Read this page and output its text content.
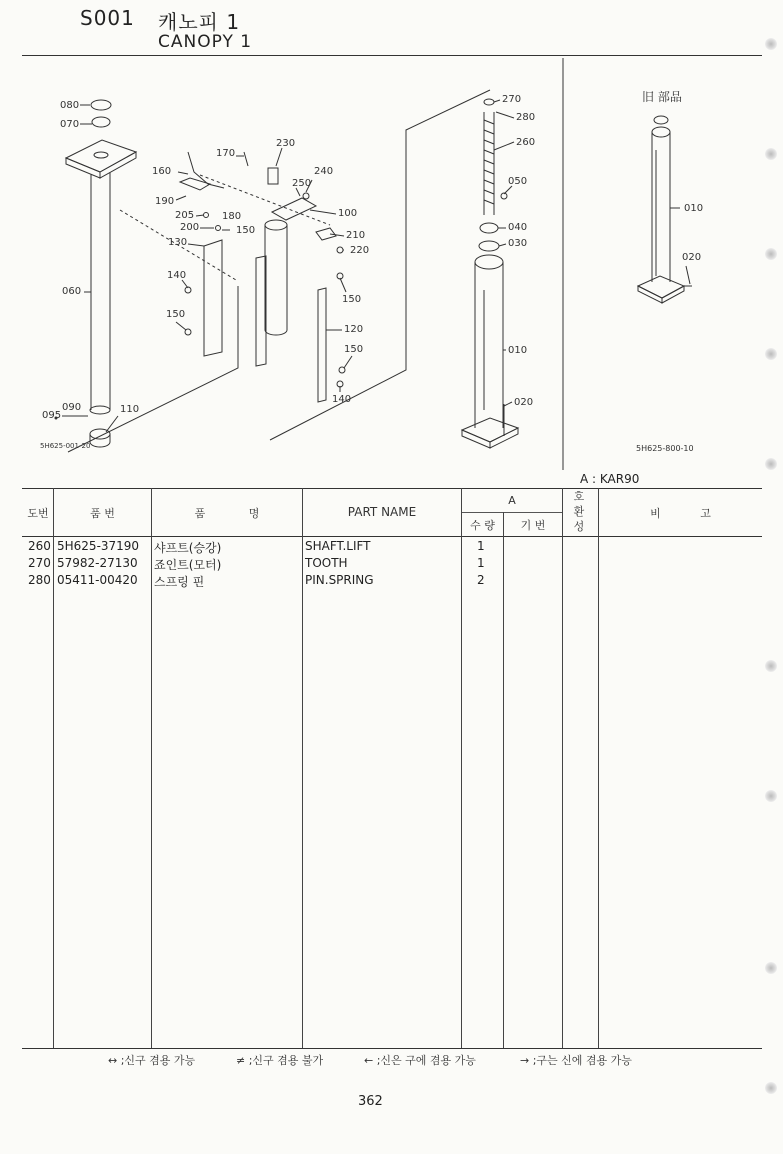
S001 캐노피 1
CANOPY 1
080
070
060
090
095
110
170
230
160
250
240
190
205	180	100
200	150	210
130
220
140
150
150
120
150
140
270
280
260
050
040
030
010
020
5H625-001-20
旧 部品
010
020
5H625-800-10
A : KAR90
도번	품 번	품 명	PART NAME
A
수 량	기 번
호환성
비 고
260 5H625-37190 샤프트(승강)	SHAFT.LIFT	1
270 57982-27130 죠인트(모터)	TOOTH	1
280 05411-00420 스프링 핀	PIN.SPRING	2
↔ ;신구 겸용 가능	≠ ;신구 겸용 불가	← ;신은 구에 겸용 가능	→ ;구는 신에 겸용 가능
362
